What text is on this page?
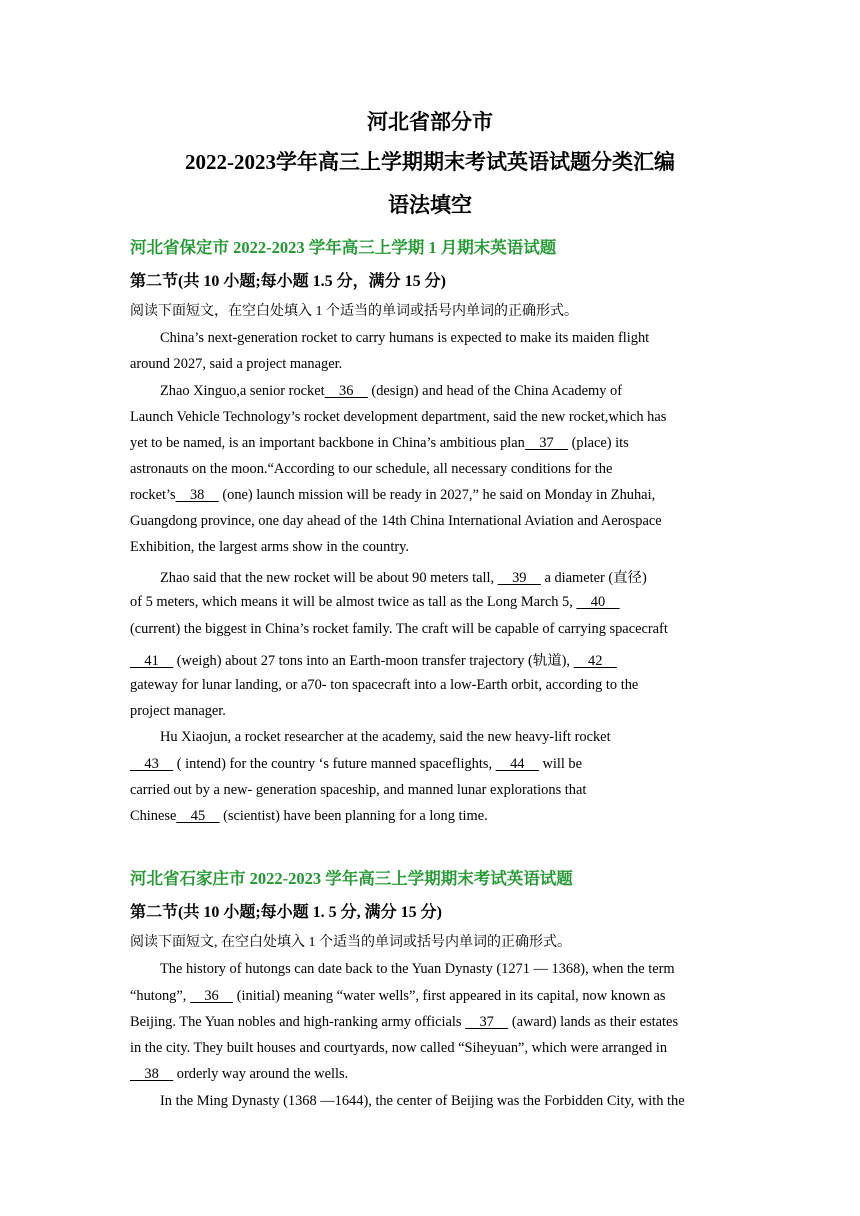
河北省部分市
2022-2023学年高三上学期期末考试英语试题分类汇编
语法填空
河北省保定市 2022-2023 学年高三上学期 1 月期末英语试题
第二节(共 10 小题;每小题 1.5 分，满分 15 分)
阅读下面短文，在空白处填入 1 个适当的单词或括号内单词的正确形式。
China’s next-generation rocket to carry humans is expected to make its maiden flight
around 2027, said a project manager.
Zhao Xinguo,a senior rocket    36     (design) and head of the China Academy of
Launch Vehicle Technology’s rocket development department, said the new rocket,which has
yet to be named, is an important backbone in China’s ambitious plan    37     (place) its
astronauts on the moon.“According to our schedule, all necessary conditions for the
rocket’s    38     (one) launch mission will be ready in 2027,” he said on Monday in Zhuhai,
Guangdong province, one day ahead of the 14th China International Aviation and Aerospace
Exhibition, the largest arms show in the country.
Zhao said that the new rocket will be about 90 meters tall,     39     a diameter (直径)
of 5 meters, which means it will be almost twice as tall as the Long March 5,     40
(current) the biggest in China’s rocket family. The craft will be capable of carrying spacecraft
41     (weigh) about 27 tons into an Earth-moon transfer trajectory (轨道),     42
gateway for lunar landing, or a70- ton spacecraft into a low-Earth orbit, according to the
project manager.
Hu Xiaojun, a rocket researcher at the academy, said the new heavy-lift rocket
43     ( intend) for the country ‘s future manned spaceflights,     44     will be
carried out by a new- generation spaceship, and manned lunar explorations that
Chinese    45     (scientist) have been planning for a long time.
河北省石家庄市 2022-2023 学年高三上学期期末考试英语试题
第二节(共 10 小题;每小题 1. 5 分, 满分 15 分)
阅读下面短文, 在空白处填入 1 个适当的单词或括号内单词的正确形式。
The history of hutongs can date back to the Yuan Dynasty (1271 — 1368), when the term
“hutong”,     36     (initial) meaning “water wells”, first appeared in its capital, now known as
Beijing. The Yuan nobles and high-ranking army officials     37     (award) lands as their estates
in the city. They built houses and courtyards, now called “Siheyuan”, which were arranged in
38     orderly way around the wells.
In the Ming Dynasty (1368 —1644), the center of Beijing was the Forbidden City, with the
